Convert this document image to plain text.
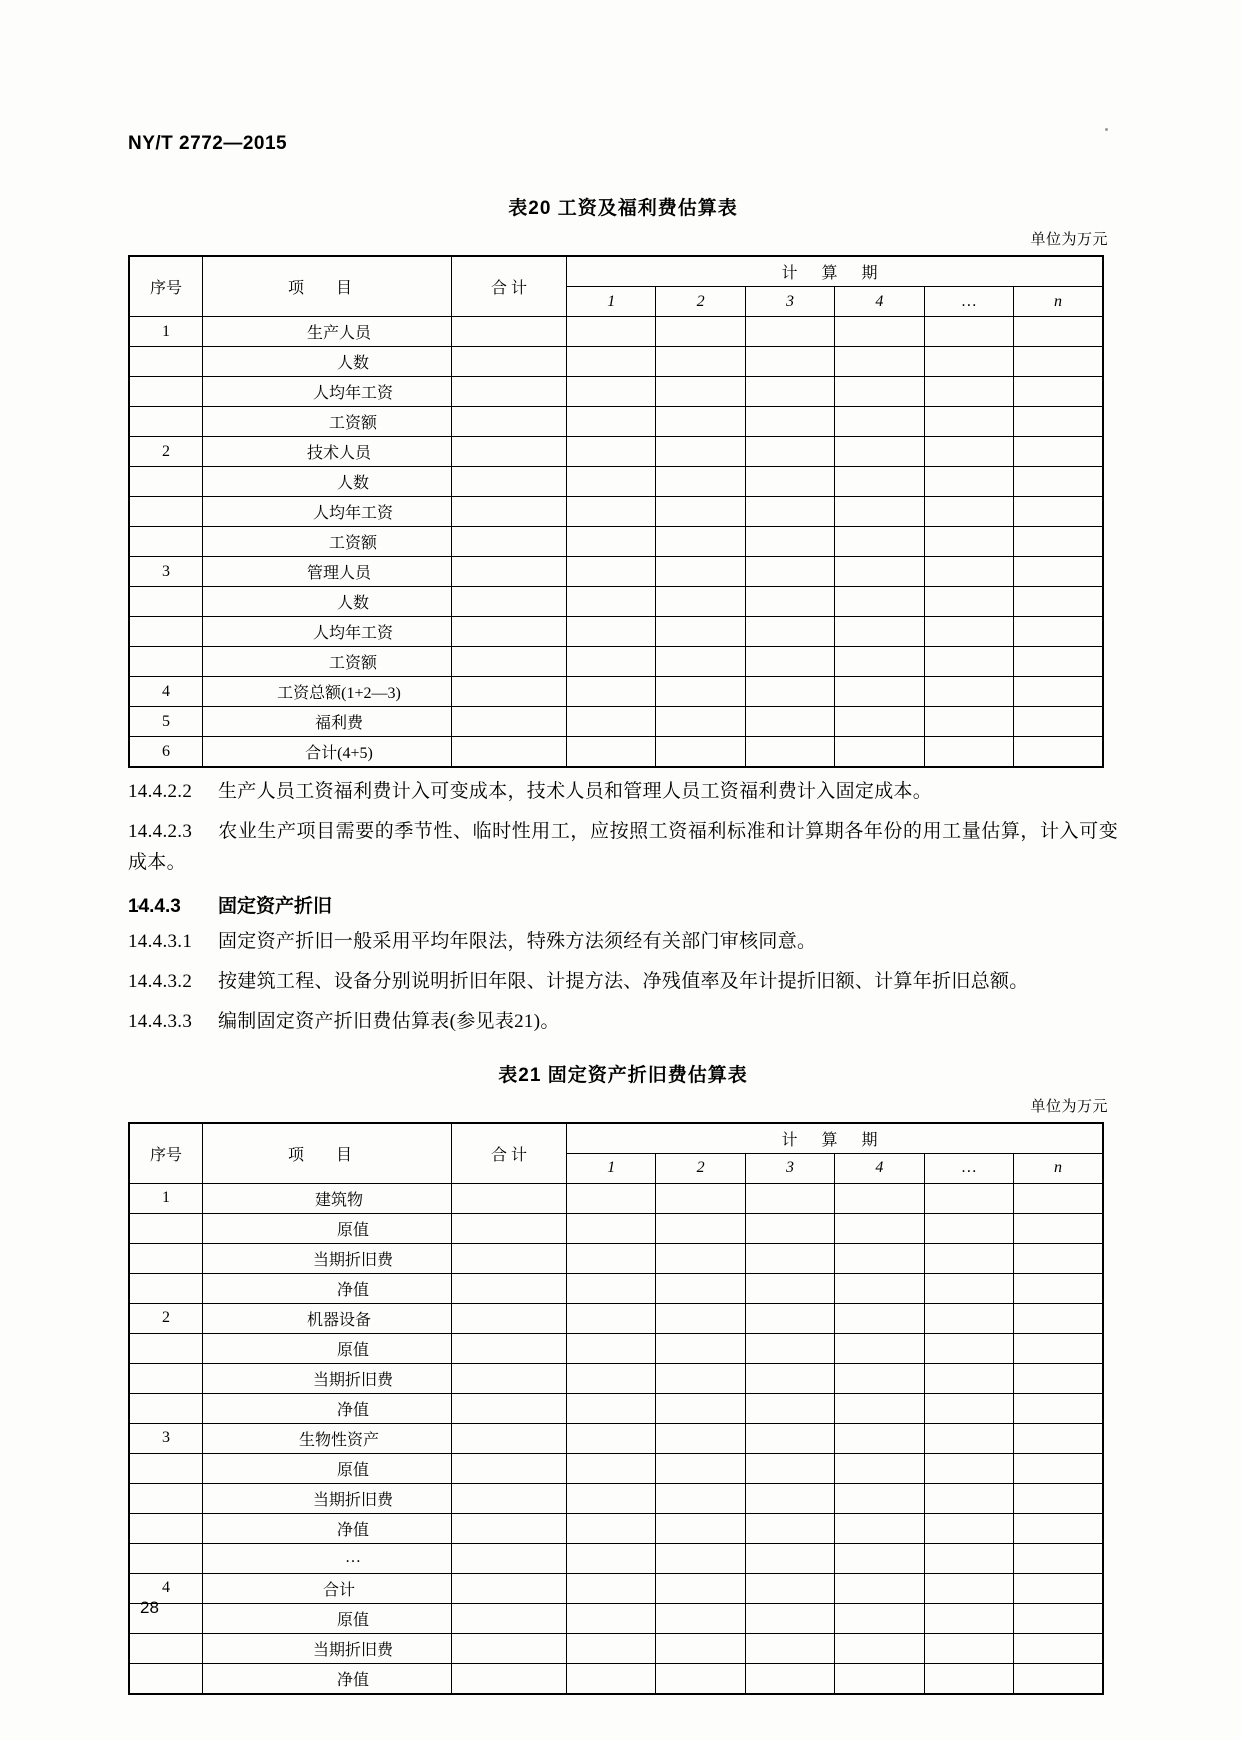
NY/T 2772—2015
表20 工资及福利费估算表
单位为万元
序号	项 目	合 计	计 算 期					
			1	2	3	4	…	n
1	生产人员							
	人数							
	人均年工资							
	工资额							
2	技术人员							
	人数							
	人均年工资							
	工资额							
3	管理人员							
	人数							
	人均年工资							
	工资额							
4	工资总额(1+2—3)							
5	福利费							
6	合计(4+5)							

14.4.2.2 生产人员工资福利费计入可变成本，技术人员和管理人员工资福利费计入固定成本。

14.4.2.3 农业生产项目需要的季节性、临时性用工，应按照工资福利标准和计算期各年份的用工量估算，计入可变成本。

14.4.3 固定资产折旧

14.4.3.1 固定资产折旧一般采用平均年限法，特殊方法须经有关部门审核同意。

14.4.3.2 按建筑工程、设备分别说明折旧年限、计提方法、净残值率及年计提折旧额、计算年折旧总额。

14.4.3.3 编制固定资产折旧费估算表(参见表21)。

表21 固定资产折旧费估算表
单位为万元
序号	项 目	合 计	计 算 期					
			1	2	3	4	…	n
1	建筑物							
	原值							
	当期折旧费							
	净值							
2	机器设备							
	原值							
	当期折旧费							
	净值							
3	生物性资产							
	原值							
	当期折旧费							
	净值							
	…							
4	合计							
	原值							
	当期折旧费							
	净值							
28
